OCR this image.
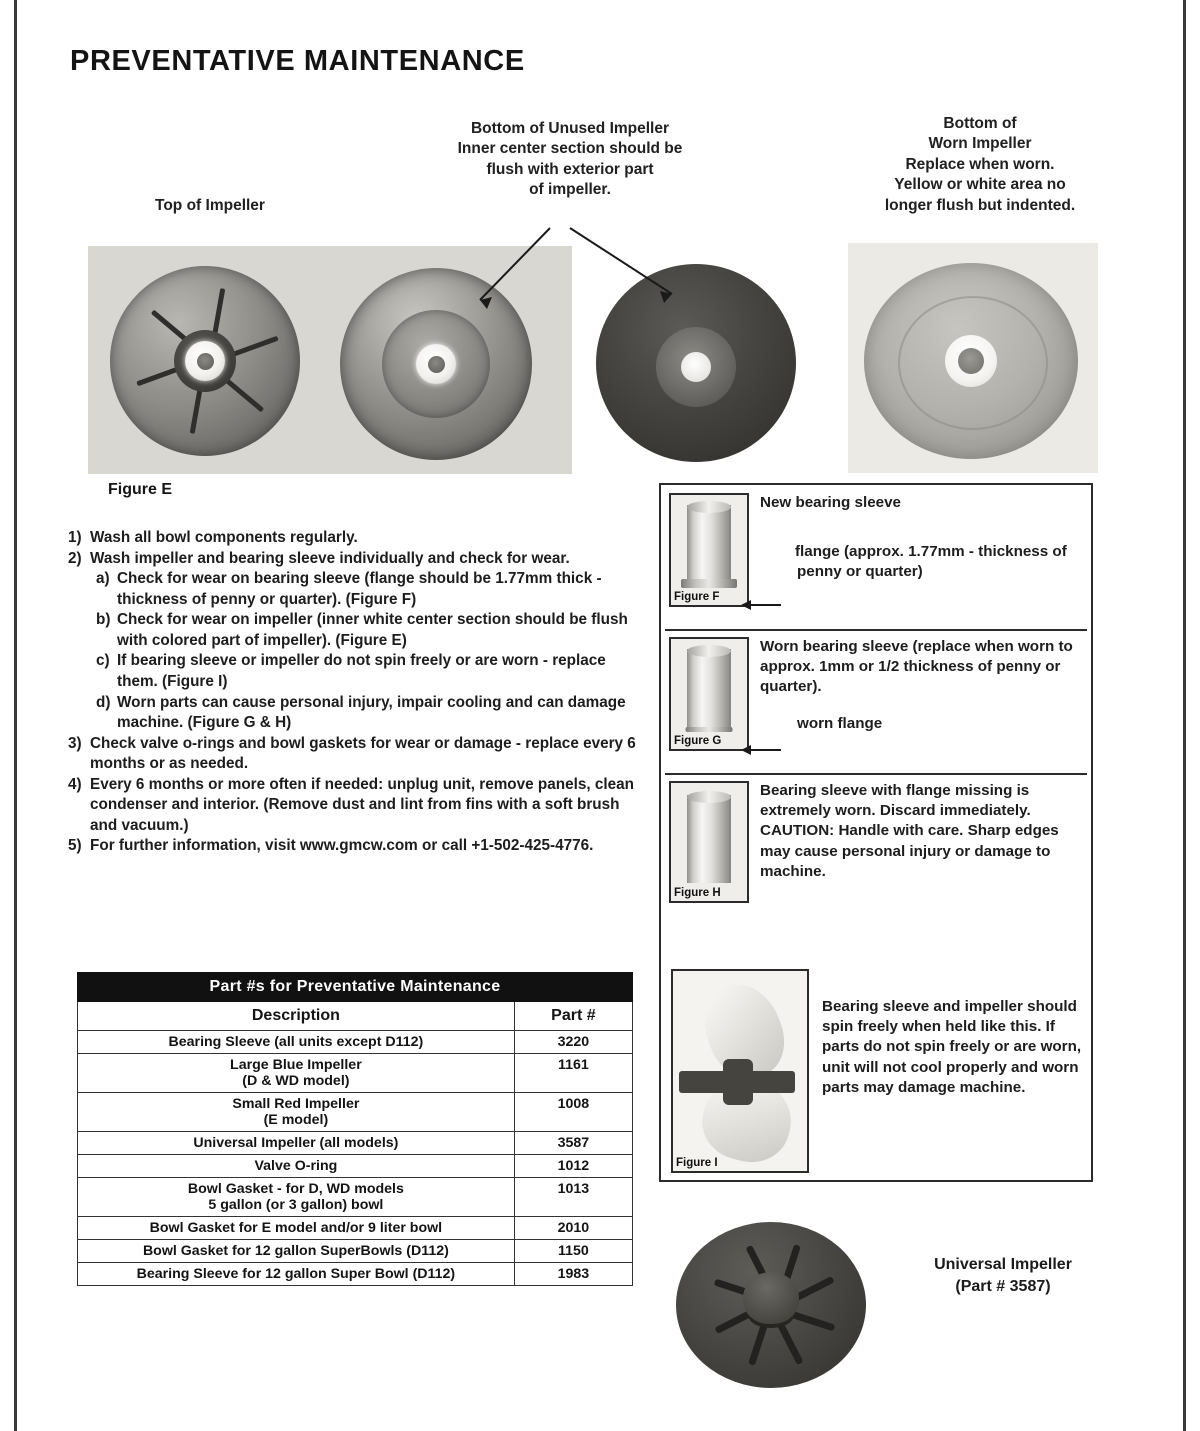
PREVENTATIVE MAINTENANCE
Top of Impeller
Bottom of Unused Impeller
Inner center section should be
flush with exterior part
of impeller.
Bottom of
Worn Impeller
Replace when worn.
Yellow or white area no
longer flush but indented.
Figure E
1) Wash all bowl components regularly.
2) Wash impeller and bearing sleeve individually and check for wear.
a) Check for wear on bearing sleeve (flange should be 1.77mm thick - thickness of penny or quarter). (Figure F)
b) Check for wear on impeller (inner white center section should be flush with colored part of impeller). (Figure E)
c) If bearing sleeve or impeller do not spin freely or are worn - replace them. (Figure I)
d) Worn parts can cause personal injury, impair cooling and can damage machine. (Figure G & H)
3) Check valve o-rings and bowl gaskets for wear or damage - replace every 6 months or as needed.
4) Every 6 months or more often if needed: unplug unit, remove panels, clean condenser and interior. (Remove dust and lint from fins with a soft brush and vacuum.)
5) For further information, visit www.gmcw.com or call +1-502-425-4776.
Part #s for Preventative Maintenance	
Description	Part #
Bearing Sleeve (all units except D112)	3220

Large Blue Impeller
(D & WD model)	1161

Small Red Impeller
(E model)	1008
Universal Impeller (all models)	3587
Valve O-ring	1012

Bowl Gasket - for D, WD models
5 gallon (or 3 gallon) bowl	1013
Bowl Gasket for E model and/or 9 liter bowl	2010
Bowl Gasket for 12 gallon SuperBowls (D112)	1150
Bearing Sleeve for 12 gallon Super Bowl (D112)	1983
Figure F
New bearing sleeve
flange (approx. 1.77mm - thickness of penny or quarter)
Figure G
Worn bearing sleeve (replace when worn to approx. 1mm or 1/2 thickness of penny or quarter).
worn flange
Figure H
Bearing sleeve with flange missing is extremely worn. Discard immediately.
CAUTION: Handle with care. Sharp edges may cause personal injury or damage to machine.
Figure I
Bearing sleeve and impeller should spin freely when held like this. If parts do not spin freely or are worn, unit will not cool properly and worn parts may damage machine.
Universal Impeller
(Part # 3587)
